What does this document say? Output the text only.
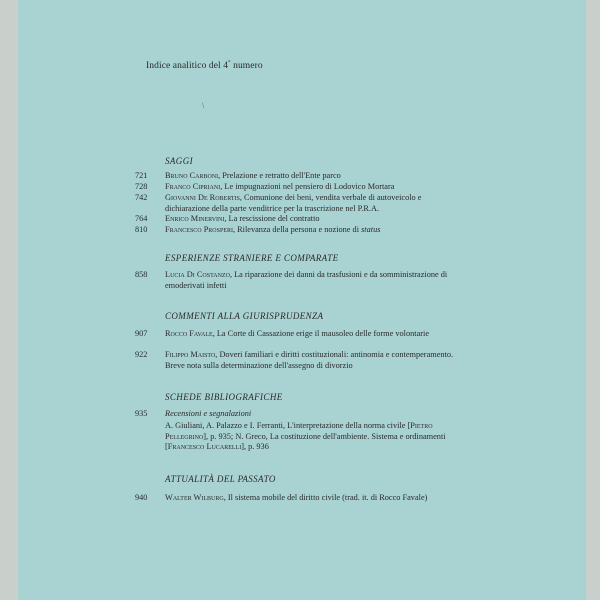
Indice analitico del 4° numero
\
SAGGI
721	Bruno Carboni, Prelazione e retratto dell'Ente parco
728	Franco Cipriani, Le impugnazioni nel pensiero di Lodovico Mortara
742	Giovanni De Robertis, Comunione dei beni, vendita verbale di autoveicolo e dichiarazione della parte venditrice per la trascrizione nel P.R.A.
764	Enrico Minervini, La rescissione del contratto
810	Francesco Prosperi, Rilevanza della persona e nozione di status
ESPERIENZE STRANIERE E COMPARATE
858	Lucia Di Costanzo, La riparazione dei danni da trasfusioni e da somministrazione di emoderivati infetti
COMMENTI ALLA GIURISPRUDENZA
907	Rocco Favale, La Corte di Cassazione erige il mausoleo delle forme volontarie
922	Filippo Maisto, Doveri familiari e diritti costituzionali: antinomia e contemperamento. Breve nota sulla determinazione dell'assegno di divorzio
SCHEDE BIBLIOGRAFICHE
935	Recensioni e segnalazioni
A. Giuliani, A. Palazzo e I. Ferranti, L'interpretazione della norma civile [Pietro Pellegrino], p. 935; N. Greco, La costituzione dell'ambiente. Sistema e ordinamenti [Francesco Lucarelli], p. 936
ATTUALITÀ DEL PASSATO
940	Walter Wilburg, Il sistema mobile del diritto civile (trad. it. di Rocco Favale)
